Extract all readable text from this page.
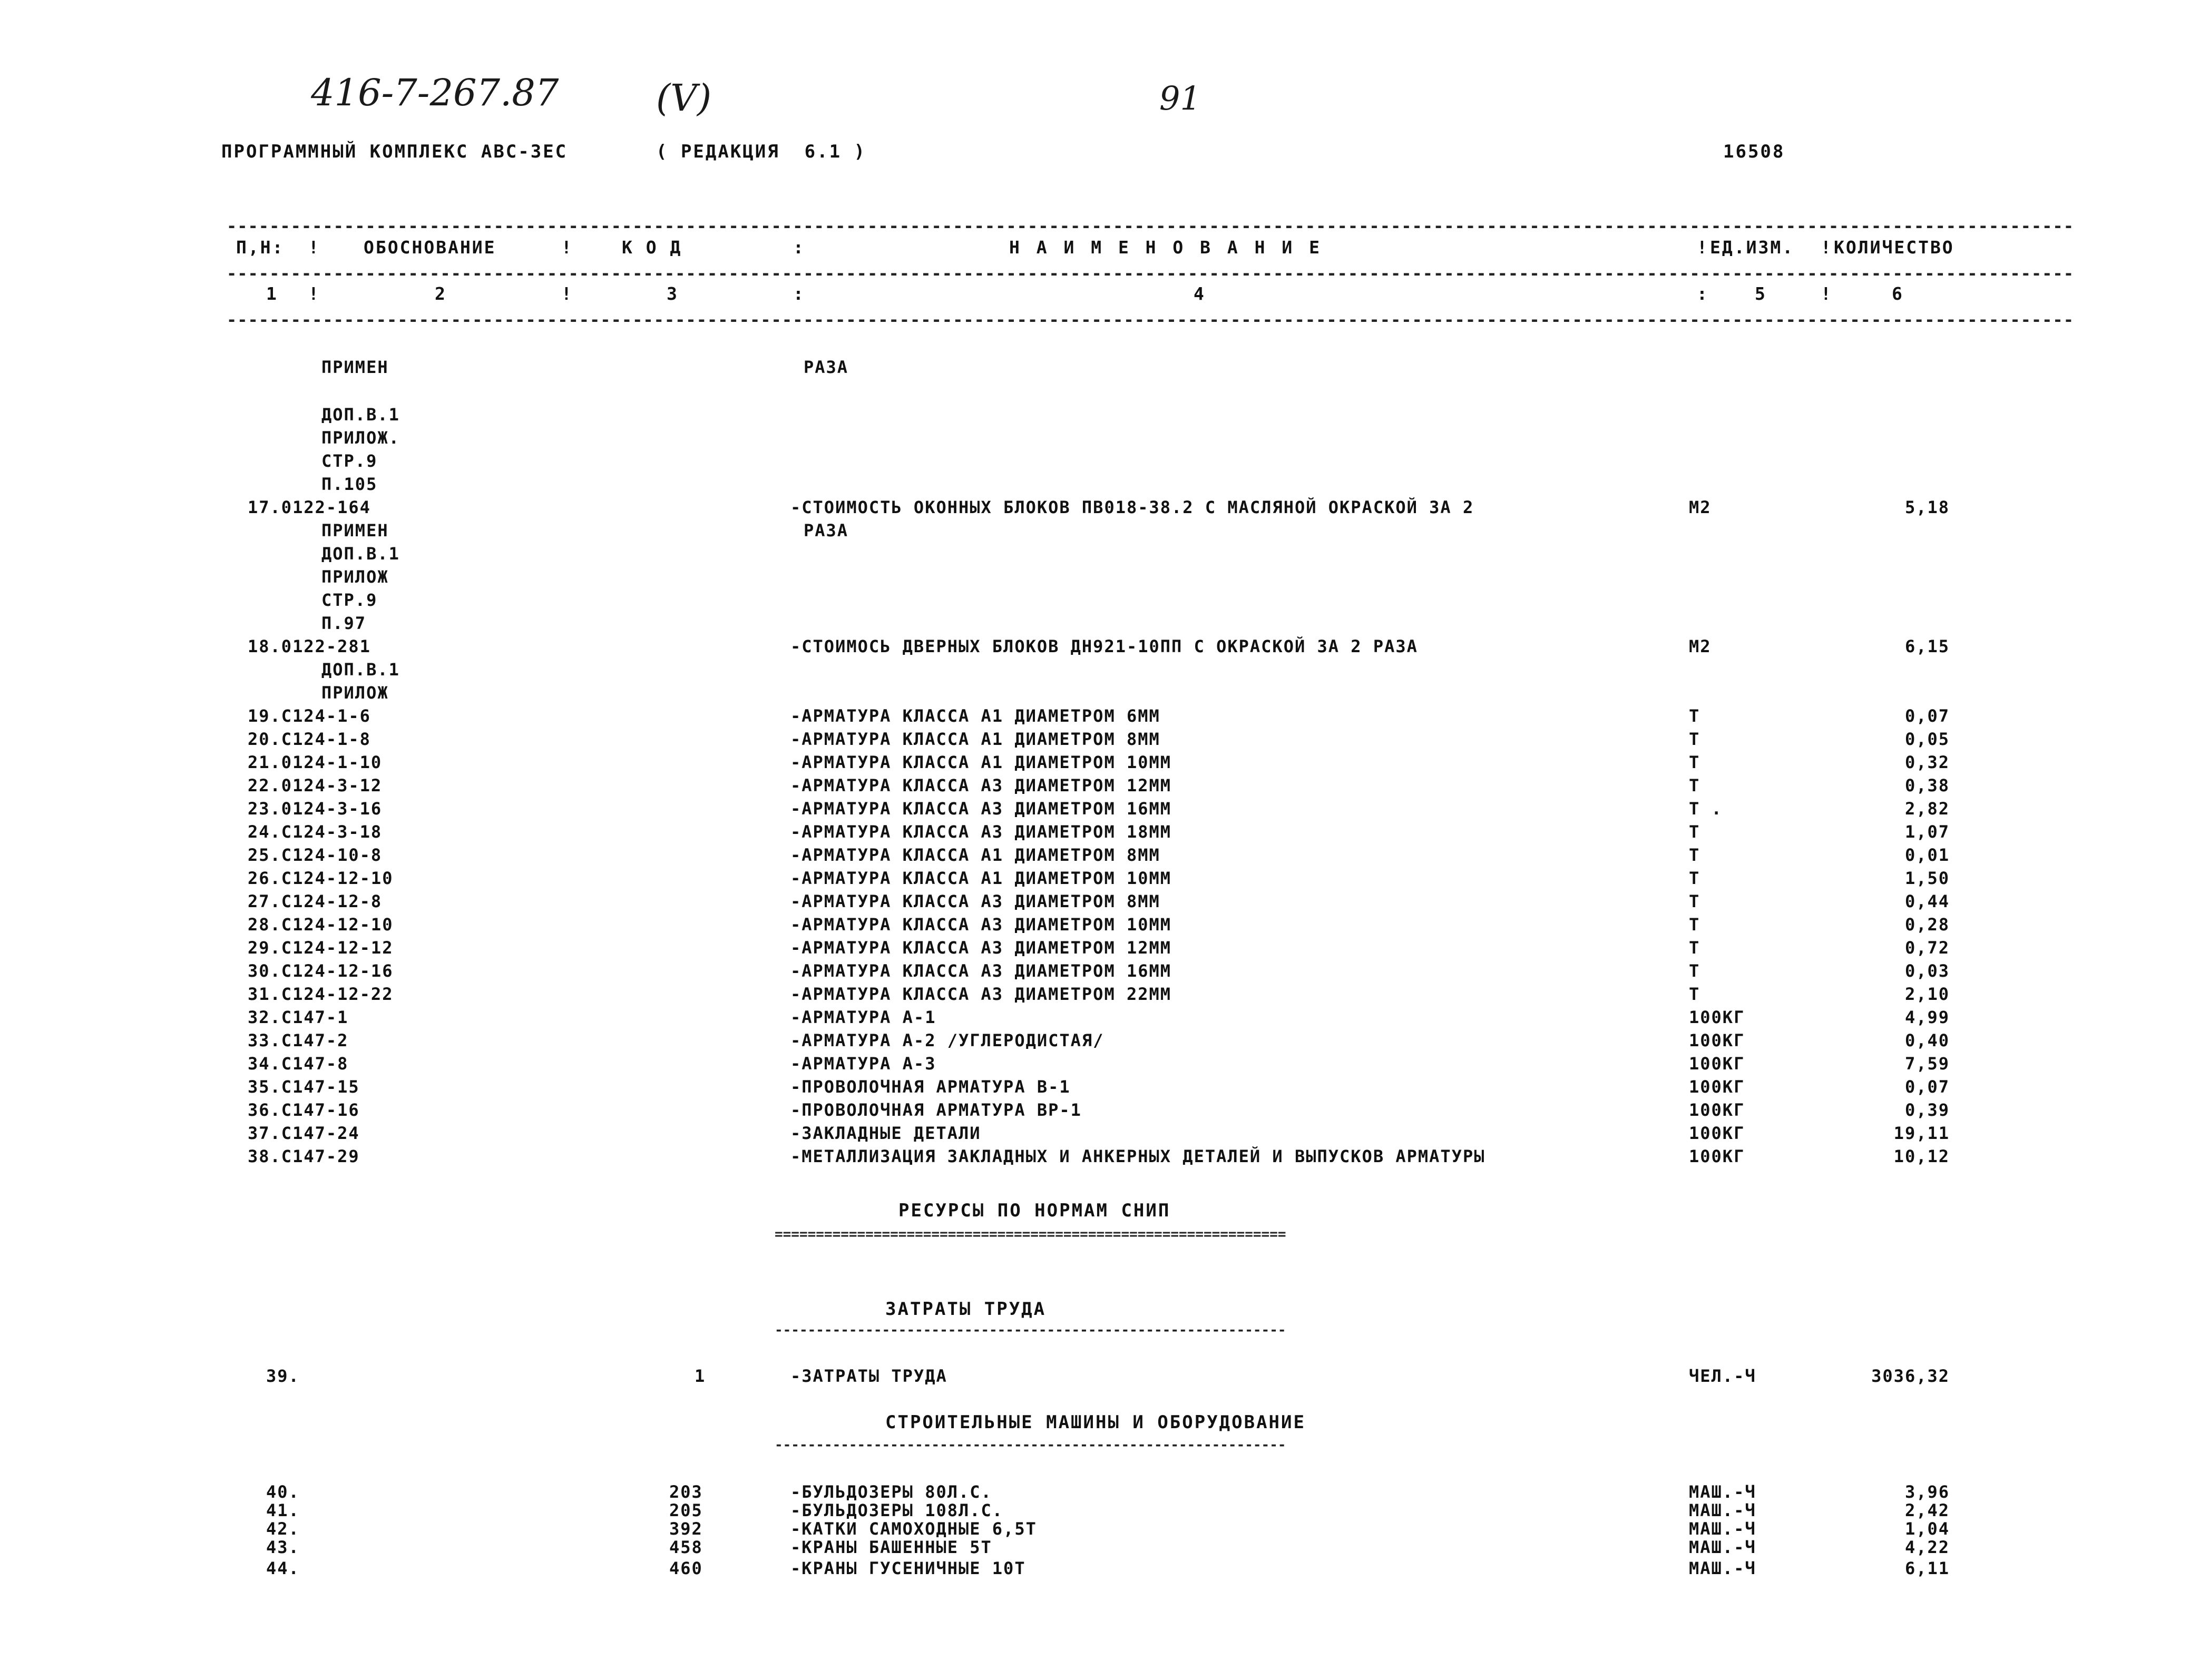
416-7-267.87	(V)	91
ПРОГРАММНЫЙ КОМПЛЕКС АВС-3ЕС	( РЕДАКЦИЯ  6.1 )	16508
-----------------------------------------------------------------------------------------------------------------------------------------------------------------------------
П,Н: ! ОБОСНОВАНИЕ	!	К О Д	:	Н А И М Е Н О В А Н И Е	! ЕД.ИЗМ. ! КОЛИЧЕСТВО
-----------------------------------------------------------------------------------------------------------------------------------------------------------------------------
1 !	2	!	3	:	4	:	5	!	6
-----------------------------------------------------------------------------------------------------------------------------------------------------------------------------
ПРИМЕН	РАЗА
ДОП.В.1
ПРИЛОЖ.
СТР.9
П.105
17.0122-164	-СТОИМОСТЬ ОКОННЫХ БЛОКОВ ПВ018-38.2 С МАСЛЯНОЙ ОКРАСКОЙ ЗА 2	М2	5,18
ПРИМЕН	РАЗА
ДОП.В.1
ПРИЛОЖ
СТР.9
П.97
18.0122-281	-СТОИМОСЬ ДВЕРНЫХ БЛОКОВ ДН921-10ПП С ОКРАСКОЙ ЗА 2 РАЗА	М2	6,15
ДОП.В.1
ПРИЛОЖ
19.С124-1-6	-АРМАТУРА КЛАССА А1 ДИАМЕТРОМ 6ММ	Т	0,07
20.С124-1-8	-АРМАТУРА КЛАССА А1 ДИАМЕТРОМ 8ММ	Т	0,05
21.0124-1-10	-АРМАТУРА КЛАССА А1 ДИАМЕТРОМ 10ММ	Т	0,32
22.0124-3-12	-АРМАТУРА КЛАССА А3 ДИАМЕТРОМ 12ММ	Т	0,38
23.0124-3-16	-АРМАТУРА КЛАССА А3 ДИАМЕТРОМ 16ММ	Т .	2,82
24.С124-3-18	-АРМАТУРА КЛАССА А3 ДИАМЕТРОМ 18ММ	Т	1,07
25.С124-10-8	-АРМАТУРА КЛАССА А1 ДИАМЕТРОМ 8ММ	Т	0,01
26.С124-12-10	-АРМАТУРА КЛАССА А1 ДИАМЕТРОМ 10ММ	Т	1,50
27.С124-12-8	-АРМАТУРА КЛАССА А3 ДИАМЕТРОМ 8ММ	Т	0,44
28.С124-12-10	-АРМАТУРА КЛАССА А3 ДИАМЕТРОМ 10ММ	Т	0,28
29.С124-12-12	-АРМАТУРА КЛАССА А3 ДИАМЕТРОМ 12ММ	Т	0,72
30.С124-12-16	-АРМАТУРА КЛАССА А3 ДИАМЕТРОМ 16ММ	Т	0,03
31.С124-12-22	-АРМАТУРА КЛАССА А3 ДИАМЕТРОМ 22ММ	Т	2,10
32.С147-1	-АРМАТУРА А-1	100КГ	4,99
33.С147-2	-АРМАТУРА А-2 /УГЛЕРОДИСТАЯ/	100КГ	0,40
34.С147-8	-АРМАТУРА А-3	100КГ	7,59
35.С147-15	-ПРОВОЛОЧНАЯ АРМАТУРА В-1	100КГ	0,07
36.С147-16	-ПРОВОЛОЧНАЯ АРМАТУРА ВР-1	100КГ	0,39
37.С147-24	-ЗАКЛАДНЫЕ ДЕТАЛИ	100КГ	19,11
38.С147-29	-МЕТАЛЛИЗАЦИЯ ЗАКЛАДНЫХ И АНКЕРНЫХ ДЕТАЛЕЙ И ВЫПУСКОВ АРМАТУРЫ	100КГ	10,12
РЕСУРСЫ ПО НОРМАМ СНИП
==============================================================
ЗАТРАТЫ ТРУДА
--------------------------------------------------------------
39.	1	-ЗАТРАТЫ ТРУДА	ЧЕЛ.-Ч	3036,32
СТРОИТЕЛЬНЫЕ МАШИНЫ И ОБОРУДОВАНИЕ
--------------------------------------------------------------
40.	203	-БУЛЬДОЗЕРЫ 80Л.С.	МАШ.-Ч	3,96
41.	205	-БУЛЬДОЗЕРЫ 108Л.С.	МАШ.-Ч	2,42
42.	392	-КАТКИ САМОХОДНЫЕ 6,5Т	МАШ.-Ч	1,04
43.	458	-КРАНЫ БАШЕННЫЕ 5Т	МАШ.-Ч	4,22
44.	460	-КРАНЫ ГУСЕНИЧНЫЕ 10Т	МАШ.-Ч	6,11
